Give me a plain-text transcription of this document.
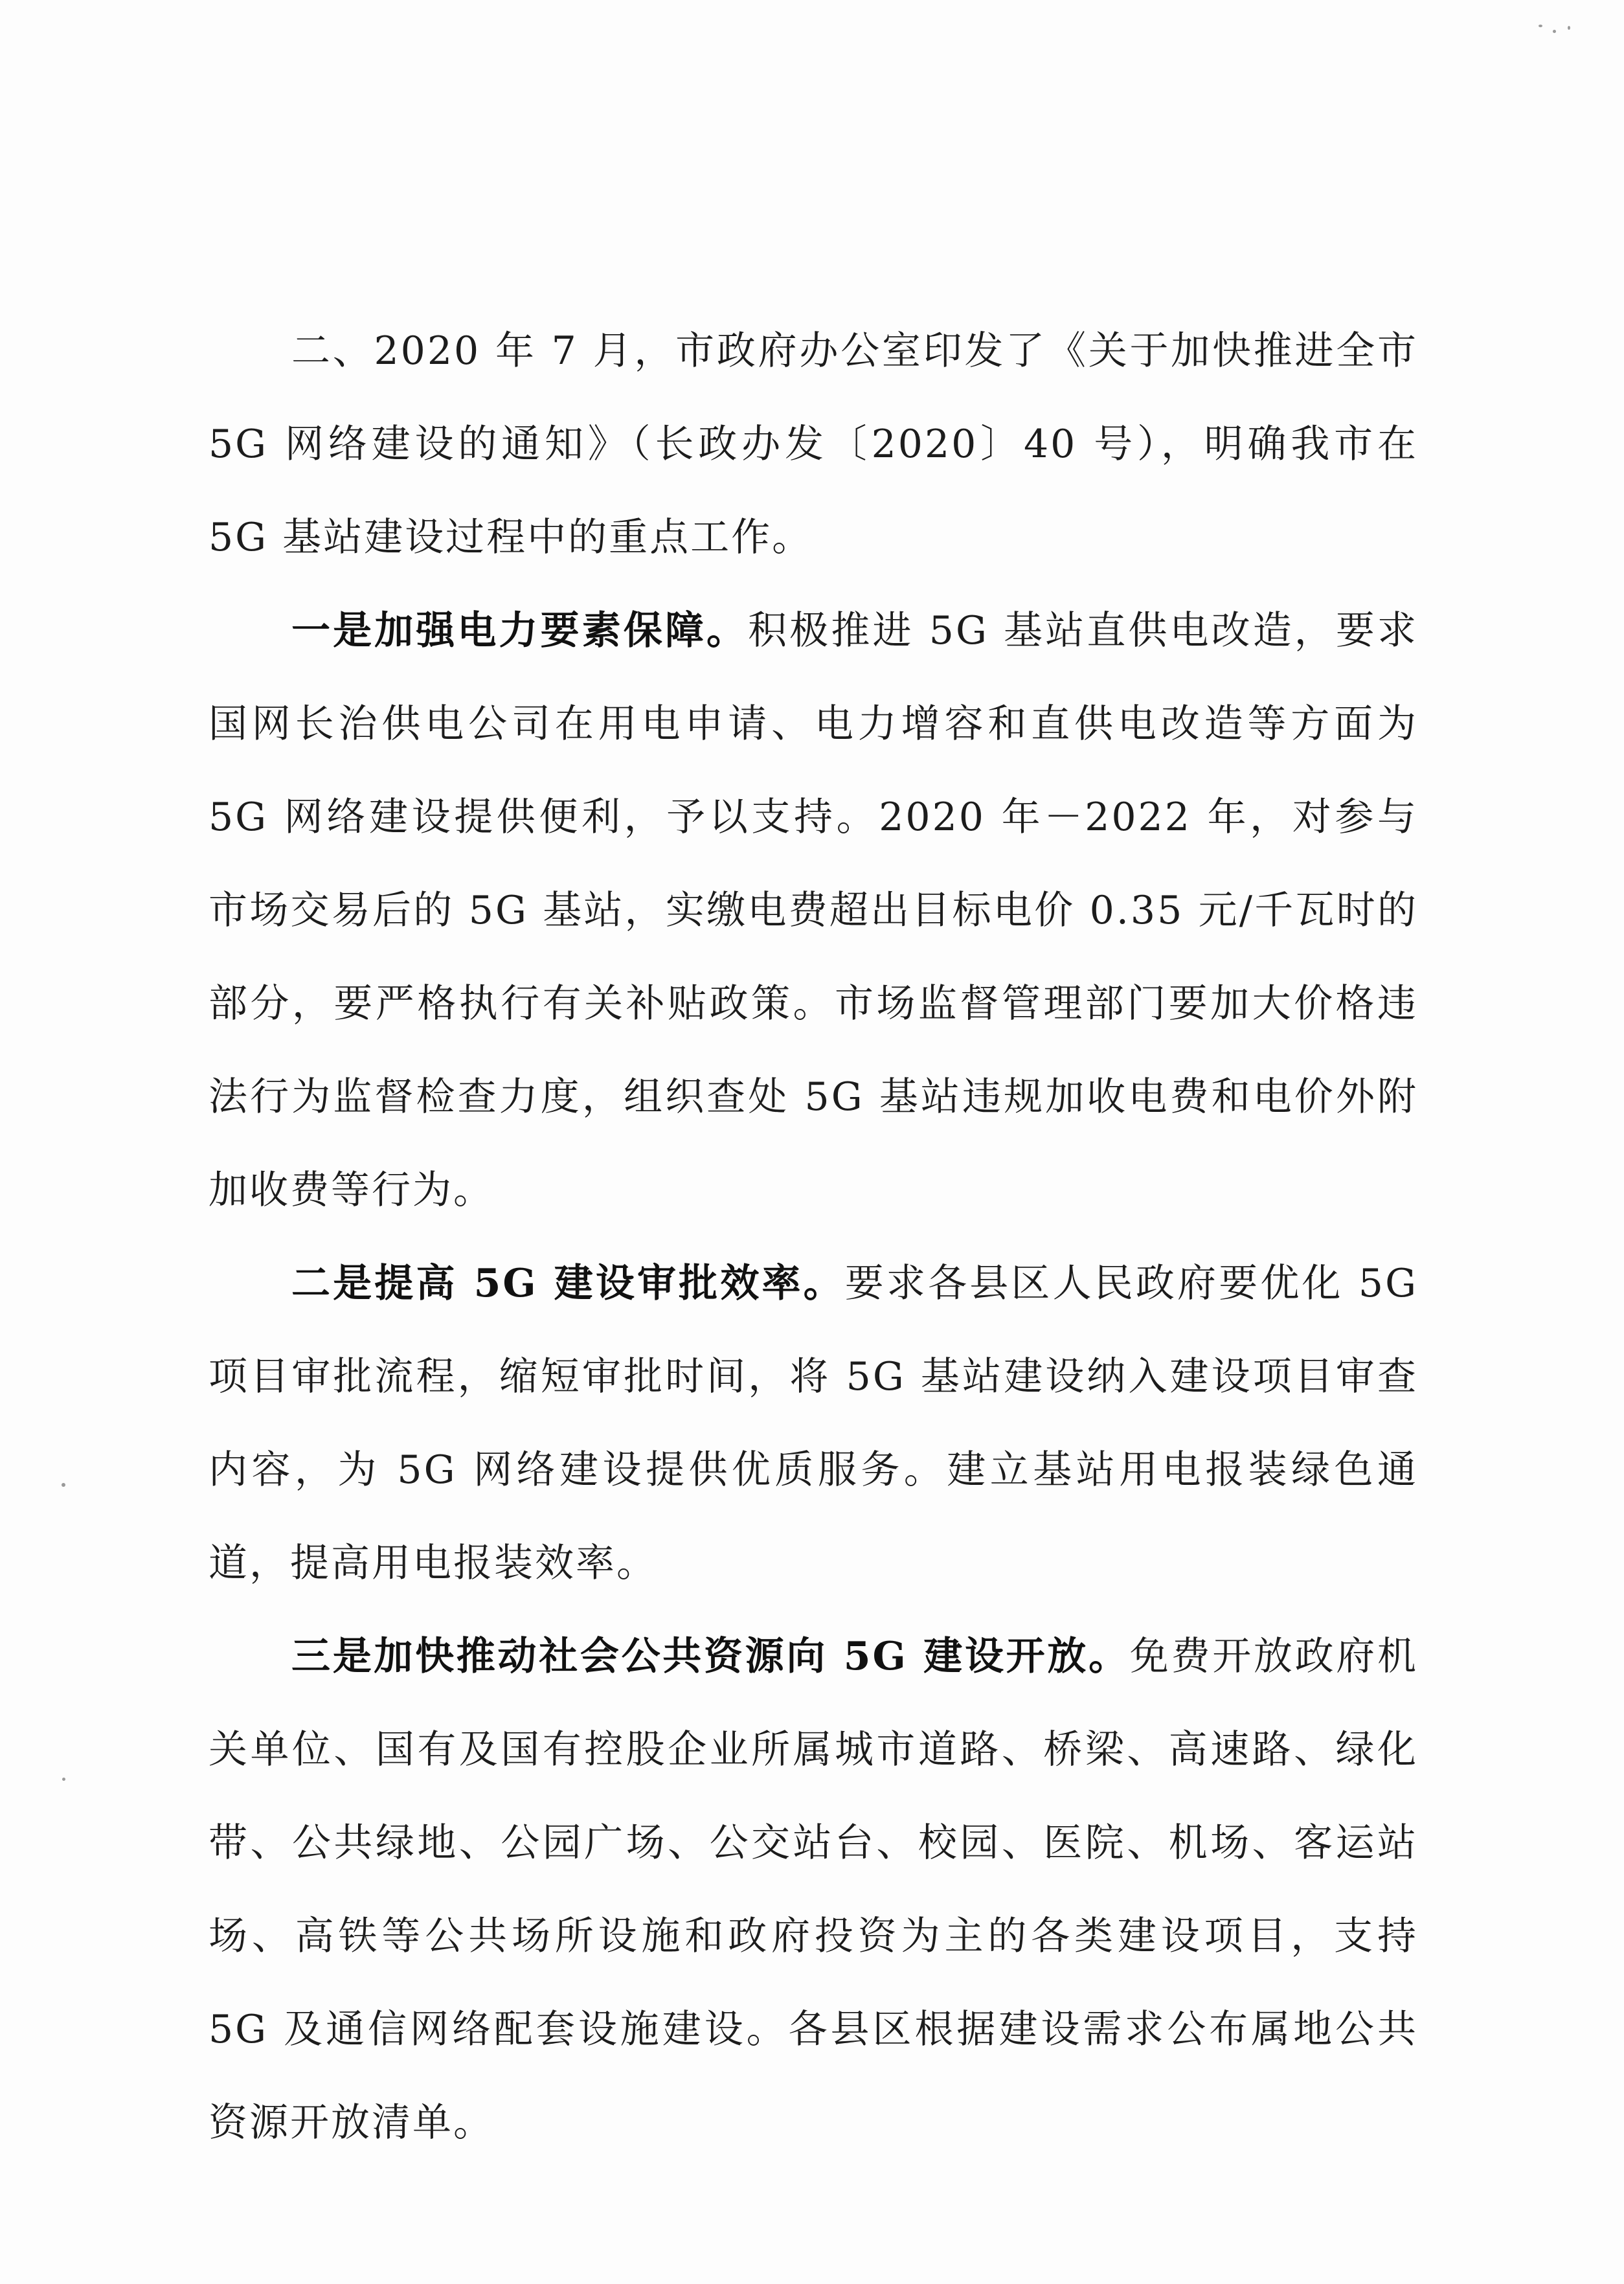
二、2020 年 7 月，市政府办公室印发了《关于加快推进全市 5G 网络建设的通知》（长政办发〔2020〕40 号），明确我市在 5G 基站建设过程中的重点工作。

一是加强电力要素保障。积极推进 5G 基站直供电改造，要求国网长治供电公司在用电申请、电力增容和直供电改造等方面为 5G 网络建设提供便利，予以支持。2020 年－2022 年，对参与市场交易后的 5G 基站，实缴电费超出目标电价 0.35 元/千瓦时的部分，要严格执行有关补贴政策。市场监督管理部门要加大价格违法行为监督检查力度，组织查处 5G 基站违规加收电费和电价外附加收费等行为。

二是提高 5G 建设审批效率。要求各县区人民政府要优化 5G 项目审批流程，缩短审批时间，将 5G 基站建设纳入建设项目审查内容，为 5G 网络建设提供优质服务。建立基站用电报装绿色通道，提高用电报装效率。

三是加快推动社会公共资源向 5G 建设开放。免费开放政府机关单位、国有及国有控股企业所属城市道路、桥梁、高速路、绿化带、公共绿地、公园广场、公交站台、校园、医院、机场、客运站场、高铁等公共场所设施和政府投资为主的各类建设项目，支持 5G 及通信网络配套设施建设。各县区根据建设需求公布属地公共资源开放清单。
